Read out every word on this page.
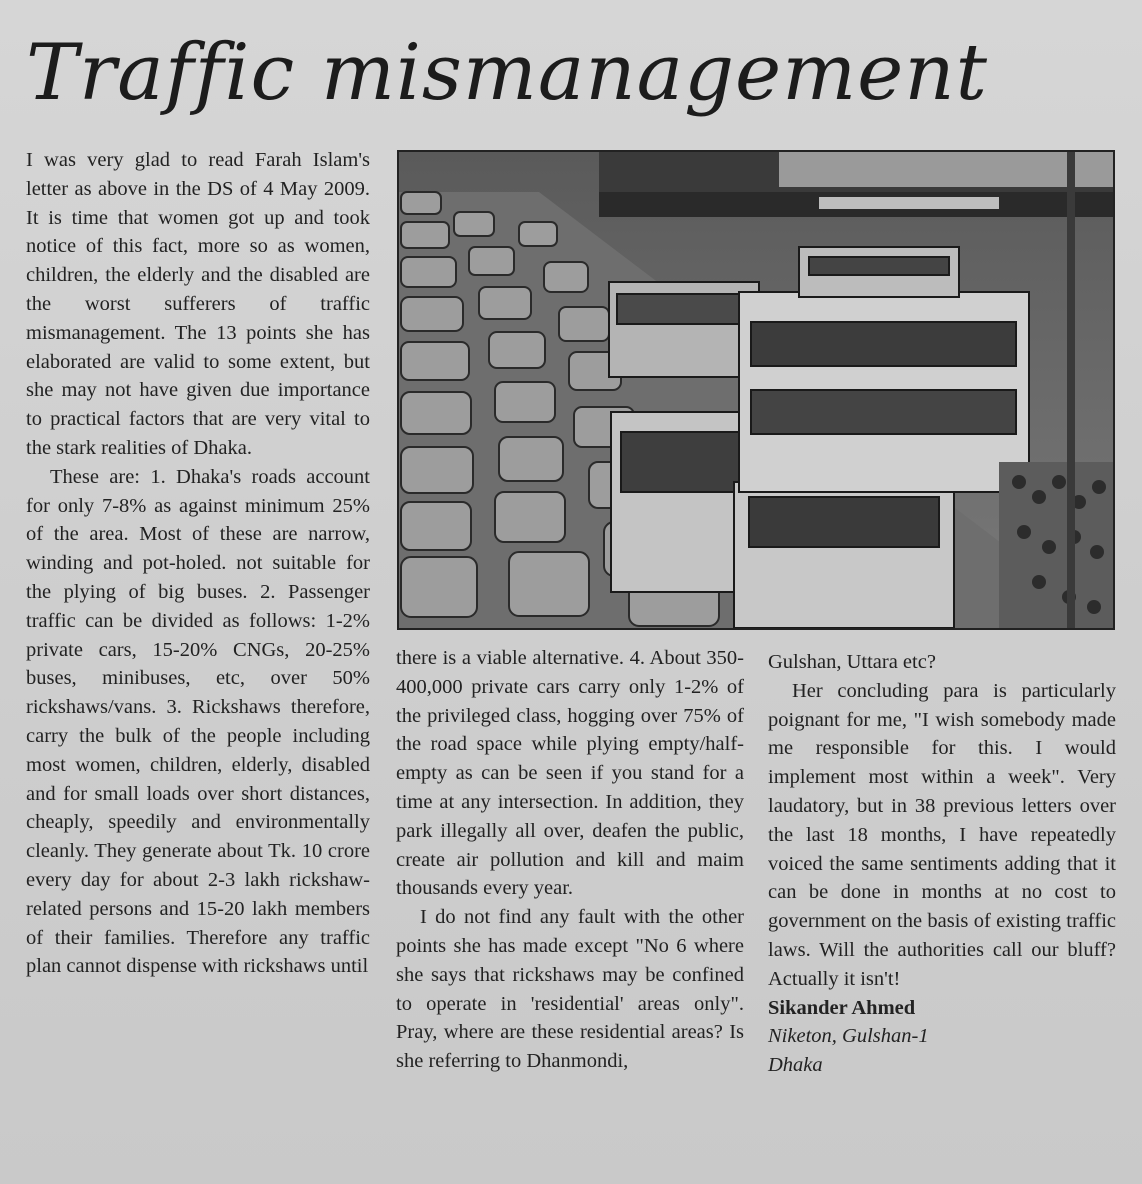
Traffic mismanagement

I was very glad to read Farah Islam's letter as above in the DS of 4 May 2009. It is time that women got up and took notice of this fact, more so as women, children, the elderly and the disabled are the worst sufferers of traffic mismanagement. The 13 points she has elaborated are valid to some extent, but she may not have given due importance to practical factors that are very vital to the stark realities of Dhaka.

These are: 1. Dhaka's roads account for only 7-8% as against minimum 25% of the area. Most of these are narrow, winding and pot-holed. not suitable for the plying of big buses. 2. Passenger traffic can be divided as follows: 1-2% private cars, 15-20% CNGs, 20-25% buses, minibuses, etc, over 50% rickshaws/vans. 3. Rickshaws therefore, carry the bulk of the people including most women, children, elderly, disabled and for small loads over short distances, cheaply, speedily and environmentally cleanly. They generate about Tk. 10 crore every day for about 2-3 lakh rickshaw-related persons and 15-20 lakh members of their families. Therefore any traffic plan cannot dispense with rickshaws until

there is a viable alternative. 4. About 350-400,000 private cars carry only 1-2% of the privileged class, hogging over 75% of the road space while plying empty/half-empty as can be seen if you stand for a time at any intersection. In addition, they park illegally all over, deafen the public, create air pollution and kill and maim thousands every year.

I do not find any fault with the other points she has made except "No 6 where she says that rickshaws may be confined to operate in 'residential' areas only". Pray, where are these residential areas? Is she referring to Dhanmondi,

Gulshan, Uttara etc?

Her concluding para is particularly poignant for me, "I wish somebody made me responsible for this. I would implement most within a week". Very laudatory, but in 38 previous letters over the last 18 months, I have repeatedly voiced the same sentiments adding that it can be done in months at no cost to government on the basis of existing traffic laws. Will the authorities call our bluff? Actually it isn't!

Sikander Ahmed

Niketon, Gulshan-1

Dhaka
